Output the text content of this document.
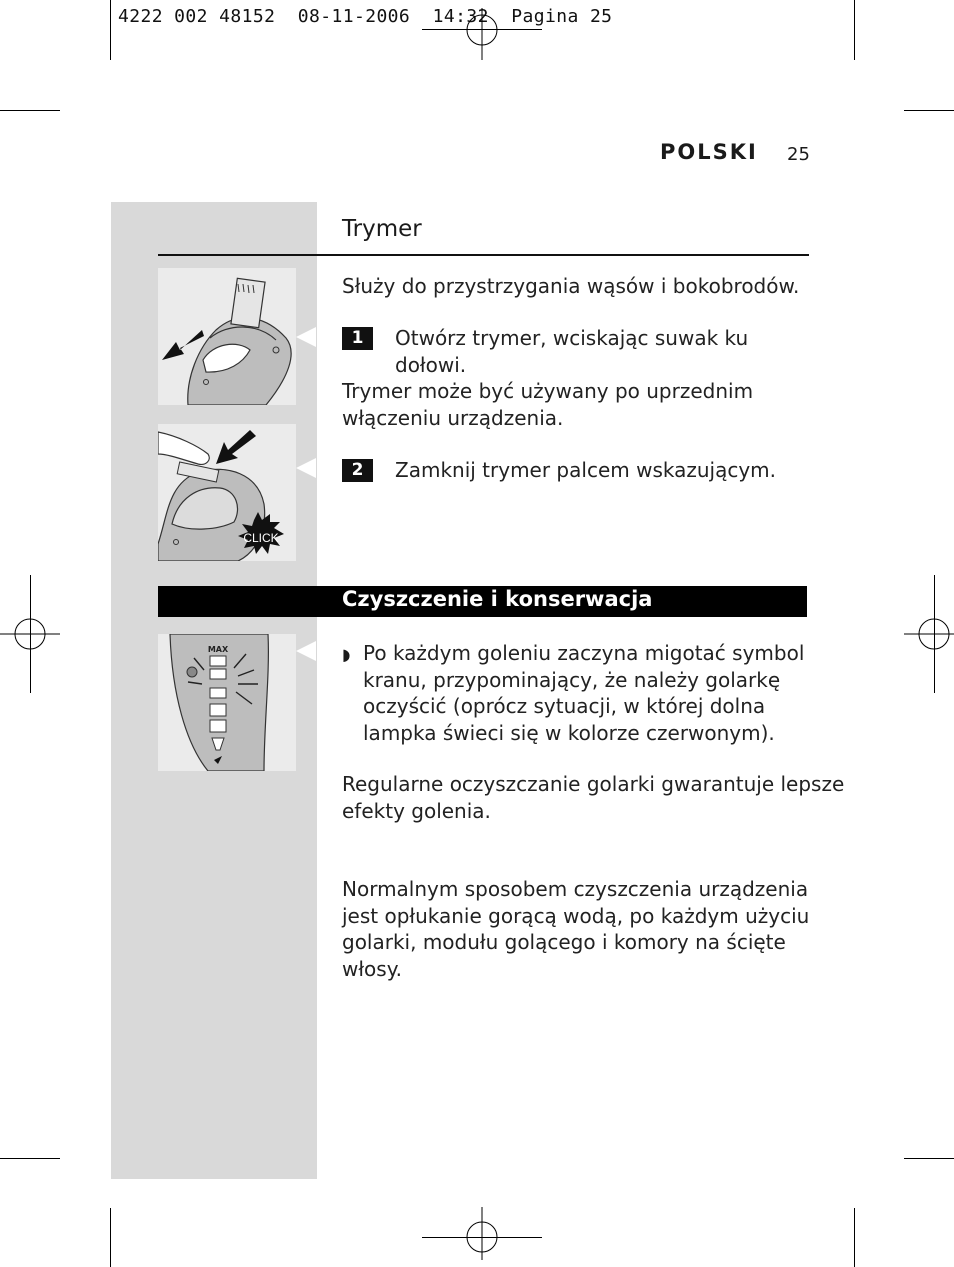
4222 002 48152  08-11-2006  14:32  Pagina 25
POLSKI 25
CLICK
MAX
Trymer
Służy do przystrzygania wąsów i bokobrodów.
1	Otwórz trymer, wciskając suwak ku
dołowi.
Trymer może być używany po uprzednim
włączeniu urządzenia.
2	Zamknij trymer palcem wskazującym.
Czyszczenie i konserwacja
◗ Po każdym goleniu zaczyna migotać symbol
kranu, przypominający, że należy golarkę
oczyścić (oprócz sytuacji, w której dolna
lampka świeci się w kolorze czerwonym).
Regularne oczyszczanie golarki gwarantuje lepsze
efekty golenia.
Normalnym sposobem czyszczenia urządzenia
jest opłukanie gorącą wodą, po każdym użyciu
golarki, modułu golącego i komory na ścięte
włosy.
